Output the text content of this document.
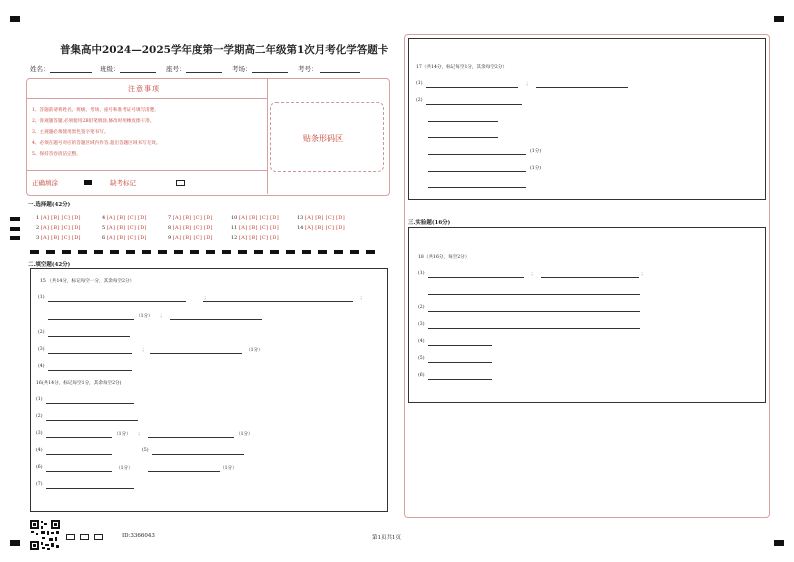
普集高中2024—2025学年度第一学期高二年级第1次月考化学答题卡
姓名：	班级：	座号：	考场：	考号：
注意事项
1、答题前请将姓名、班级、考场、座号和准考证号填写清楚。
2、客观题答题,必须使用2B铅笔填涂,修改时用橡皮擦干净。
3、主观题必须使用黑色签字笔书写。
4、必须在题号对应的答题区域内作答,超出答题区域书写无效。
5、保持答卷清洁完整。
正确填涂	缺考标记
贴条形码区
一.选择题(42分)
1 [A] [B] [C] [D]	4 [A] [B] [C] [D]	7 [A] [B] [C] [D]	10 [A] [B] [C] [D]	13 [A] [B] [C] [D]
2 [A] [B] [C] [D]	5 [A] [B] [C] [D]	8 [A] [B] [C] [D]	11 [A] [B] [C] [D]	14 [A] [B] [C] [D]
3 [A] [B] [C] [D]	6 [A] [B] [C] [D]	9 [A] [B] [C] [D]	12 [A] [B] [C] [D]
二.填空题(42分)
15 （共14分，标记每空一分，其余每空2分）
(1)	；	；
（1分） ；
(2)
(3)	；	（1分）
(4)
16(共14分，标记每空1分，其余每空2分)
(1)
(2)
(3)	（1分） ；	（1分）
(4)	(5)
(6)	（1分）	（1分）
(7)
ID:3366043
17（共14分，标记每空1分，其余每空2分）
(1)	；
(2)
(1分)
(1分)
三.实验题(16分)
18（共16分，每空2分）
(1)	；	；
(2)
(3)
(4)
(5)
(6)
第1页共1页
